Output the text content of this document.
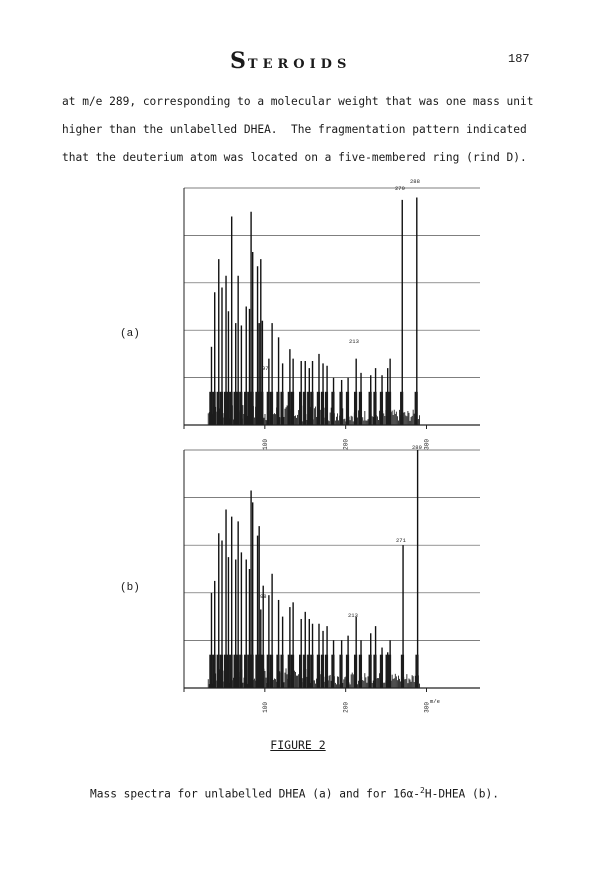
STEROIDS	187
at m/e 289, corresponding to a molecular weight that was one mass unit
higher than the unlabelled DHEA.  The fragmentation pattern indicated
that the deuterium atom was located on a five-membered ring (rind D).
(a)
(b)
100
100
200
200
300
300
m/e
288
270
213
97
289
271
213
98
FIGURE 2
Mass spectra for unlabelled DHEA (a) and for 16α-$^2$H-DHEA (b).
